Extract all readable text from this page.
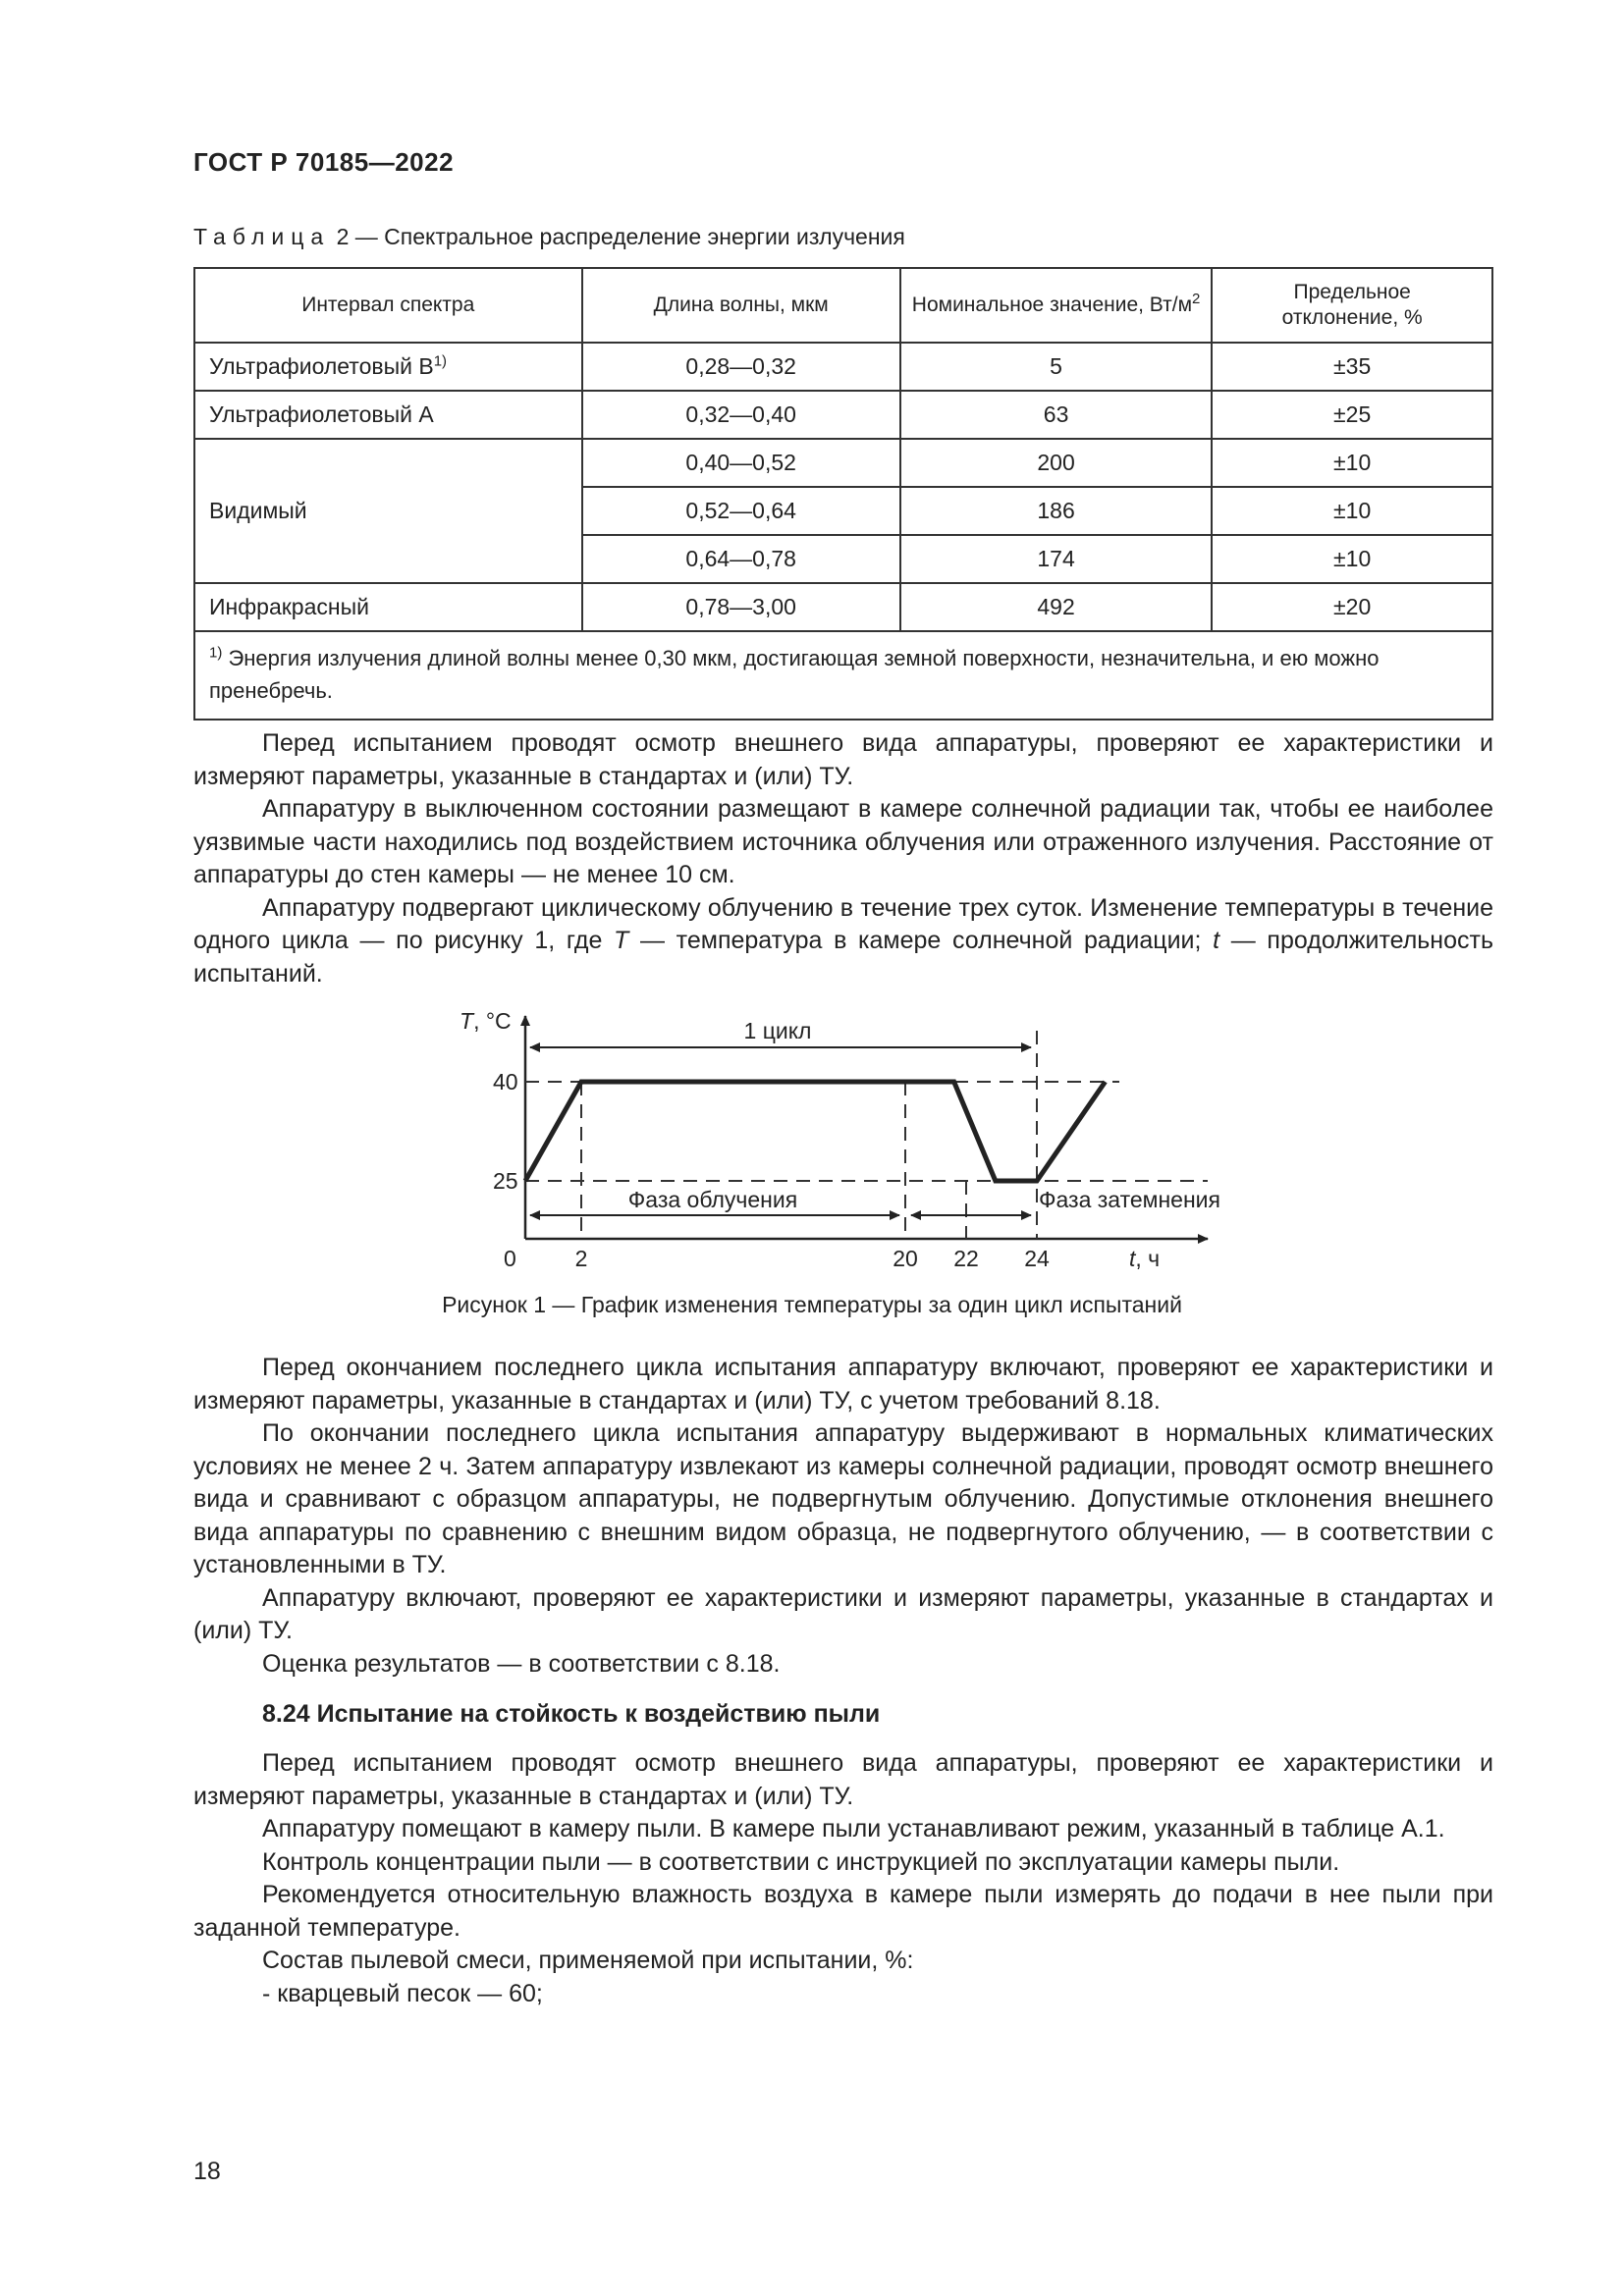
ГОСТ Р 70185—2022
Таблица 2 — Спектральное распределение энергии излучения
Интервал спектра	Длина волны, мкм	Номинальное значение, $Вт/м^2$	Предельное отклонение, %
Ультрафиолетовый $В^{1)}$	0,28—0,32	5	±35
Ультрафиолетовый А	0,32—0,40	63	±25
Видимый	0,40—0,52	200	±10
	0,52—0,64	186	±10
	0,64—0,78	174	±10
Инфракрасный	0,78—3,00	492	±20
$^{1)}$ Энергия излучения длиной волны менее 0,30 мкм, достигающая земной поверхности, незначительна, и ею можно пренебречь.			

Перед испытанием проводят осмотр внешнего вида аппаратуры, проверяют ее характеристики и измеряют параметры, указанные в стандартах и (или) ТУ.

Аппаратуру в выключенном состоянии размещают в камере солнечной радиации так, чтобы ее наиболее уязвимые части находились под воздействием источника облучения или отраженного излучения. Расстояние от аппаратуры до стен камеры — не менее 10 см.

Аппаратуру подвергают циклическому облучению в течение трех суток. Изменение температуры в течение одного цикла — по рисунку 1, где T — температура в камере солнечной радиации; t — продолжительность испытаний.

1 цикл
Фаза облучения	Фаза затемнения
T, °C
t, ч
40
25
0	2	20 22 24
Рисунок 1 — График изменения температуры за один цикл испытаний

Перед окончанием последнего цикла испытания аппаратуру включают, проверяют ее характеристики и измеряют параметры, указанные в стандартах и (или) ТУ, с учетом требований 8.18.

По окончании последнего цикла испытания аппаратуру выдерживают в нормальных климатических условиях не менее 2 ч. Затем аппаратуру извлекают из камеры солнечной радиации, проводят осмотр внешнего вида и сравнивают с образцом аппаратуры, не подвергнутым облучению. Допустимые отклонения внешнего вида аппаратуры по сравнению с внешним видом образца, не подвергнутого облучению, — в соответствии с установленными в ТУ.

Аппаратуру включают, проверяют ее характеристики и измеряют параметры, указанные в стандартах и (или) ТУ.

Оценка результатов — в соответствии с 8.18.

8.24 Испытание на стойкость к воздействию пыли

Перед испытанием проводят осмотр внешнего вида аппаратуры, проверяют ее характеристики и измеряют параметры, указанные в стандартах и (или) ТУ.

Аппаратуру помещают в камеру пыли. В камере пыли устанавливают режим, указанный в таблице А.1.

Контроль концентрации пыли — в соответствии с инструкцией по эксплуатации камеры пыли.

Рекомендуется относительную влажность воздуха в камере пыли измерять до подачи в нее пыли при заданной температуре.

Состав пылевой смеси, применяемой при испытании, %:

- кварцевый песок — 60;

18
